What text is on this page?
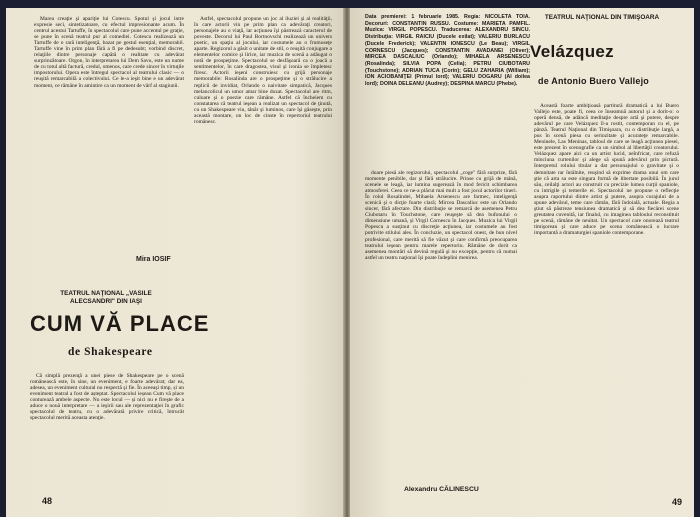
Marea creaţie şi apariţie lui Cotescu. Spotul şi jocul intre expresie seci, sintetizatoare, cu efectul impresionante acum. În centrul acestui Tartuffe, în spectacolul care pune accentul pe graţie, se pune în scenă teatrul pur al comediei. Cotescu realizează un Tartuffe de o rară inteligenţă, bazat pe gestul esenţial, memorabil. Tartuffe vine în prim plan fără a fi pe dedesubt; vorbind discret, relaţiile dintre personaje capătă o realitate cu adevărat surprinzătoare. Orgon, în interpretarea lui Dem Savu, este un nume de cu totul altă factură, credul, omenos, care crede sincer în virtuţile impostorului. Opera este întregul spectacol al teatrului clasic — o reuşită remarcabilă a colectivului. Ce le-a ieşit bine e un adevărat moment, ce rămâne în amintire ca un moment de vârf al stagiunii.

Mira IOSIF
TEATRUL NAŢIONAL „VASILE ALECSANDRI" DIN IAŞI
CUM VĂ PLACE
de Shakespeare

Că simplă prezenţă a unei piese de Shakespeare pe o scenă românească este, în sine, un eveniment, e foarte adevărat; dar ea, adesea, un eveniment cultural nu respectă şi fie. În aceeaşi timp, și un eveniment teatral a fost de așteptat. Spectacolul ieșean Cum vă place conturează ambele aspecte. Nu este locul — și nici nu e fireşte de a aduce o nouă interpretare — a ieşirii sau ale reprezentaţiei în grafic spectacolul de teatru, cu o adevărată privire critică, întrucât spectacolul merită aceasta atenţie.

Astfel, spectacolul propune un joc al iluziei şi al realităţii, în care actorii vin pe prim plan ca adevăraţi creatori, personajele au o viaţă, iar acţiunea îşi păstrează caracterul de poveste. Decorul lui Paul Bortnovschi realizează un univers poetic, un spaţiu al jocului, iar costumele au o frumuseţe aparte. Regizorul a găsit o unitate de stil, o reuşită conjugare a elementelor comice şi lirice, iar muzica de scenă a adăugat o notă de prospeţime. Spectacolul se desfăşoară ca o joacă a sentimentelor, în care dragostea, visul şi ironia se împletesc firesc. Actorii ieşeni construiesc cu grijă personaje memorabile: Rosalinda are o prospeţime şi o strălucire a replicii de invidiat, Orlando o naivitate simpatică, Jacques melancolicul un umor amar bine dozat. Spectacolul are ritm, culoare şi o poezie care rămâne. Astfel că încheiem cu constatarea că teatrul ieşean a realizat un spectacol de ţinută, cu un Shakespeare viu, tânăr şi luminos, care îşi găseşte, prin această montare, un loc de cinste în repertoriul teatrului românesc.

48
Data premierei: 1 februarie 1985. Regia: NICOLETA TOIA. Decoruri: CONSTANTIN RUSSU. Costume: MARIETA PAMFIL. Muzica: VIRGIL POPESCU. Traducerea: ALEXANDRU SINCU. Distribuţia: VIRGIL RAICIU (Ducele exilat); VALERIU BURLACU (Ducele Frederick); VALENTIN IONESCU (Le Beau); VIRGIL CORNESCU (Jacques); CONSTANTIN AVADANEI (Oliver); MIRCEA DASCALIUC (Orlando); MIHAELA ARSENESCU (Rosalinda); SILVIA POPA (Celia); PETRU CIUBOTARU (Touchstone); ADRIAN TUCA (Corin); GELU ZAHARIA (William); ION ACIOBANIŢEI (Primul lord); VALERIU DOGARU (Al doilea lord); DOINA DELEANU (Audrey); DESPINA MARCU (Phebe).

doare piesă ale regizorului, spectacolul „coge" fără surprize, fără momente penibile, dar şi fără strălucire. Prinse cu grijă de mână, scenele se leagă, iar lumina sugerează în mod fericit schimbarea atmosferei. Ceea ce ne-a plăcut mai mult a fost jocul actorilor tineri. În rolul Rosalindei, Mihaela Arsenescu are farmec, inteligenţă scenică şi o dicţie foarte clară; Mircea Dascaliuc este un Orlando sincer, fără afectare. Din distribuţie se remarcă de asemenea Petru Ciubotaru în Touchstone, care reuşeşte să dea bufonului o dimensiune umană, şi Virgil Cornescu în Jacques. Muzica lui Virgil Popescu a susţinut cu discreţie acţiunea, iar costumele au fost potrivite stilului ales. În concluzie, un spectacol onest, de bun nivel profesional, care merită să fie văzut şi care confirmă preocuparea teatrului ieşean pentru marele repertoriu. Rămâne de dorit ca asemenea montări să devină regulă şi nu excepţie, pentru că numai astfel un teatru naţional îşi poate îndeplini menirea.

Alexandru CĂLINESCU
TEATRUL NAŢIONAL DIN TIMIŞOARA
Velázquez
de Antonio Buero Vallejo

Această foarte ambiţioasă partitură dramatică a lui Buero Vallejo este, poate fi, ceea ce înseamnă autorul şi a dorit-o: o operă densă, de adâncă meditaţie despre artă şi putere, despre adevărul pe care Velázquez îl-a rostit, contemporan cu el, pe pânză. Teatrul Naţional din Timişoara, cu o distribuţie largă, a pus în scenă piesa cu seriozitate şi acurateţe remarcabile. Meninele, Las Meninas, tabloul de care se leagă acţiunea piesei, este prezent în scenografie ca un simbol al libertăţii creatorului. Velázquez apare aici ca un artist lucid, neînfricat, care refuză minciuna curtenilor şi alege să spună adevărul prin pictură. Interpretul rolului titular a dat personajului o gravitate şi o demnitate rar întâlnite, reuşind să exprime drama unui om care ştie că arta sa este singura formă de libertate posibilă. În jurul său, ceilalţi actori au construit cu precizie lumea curţii spaniole, cu intrigile şi temerile ei. Spectacolul ne propune o reflecţie asupra raportului dintre artist şi putere, asupra curajului de a spune adevărul, teme care rămân, fără îndoială, actuale. Regia a ştiut să păstreze tensiunea dramatică şi să dea fiecărei scene greutatea cuvenită, iar finalul, cu imaginea tabloului reconstituit pe scenă, rămâne de neuitat. Un spectacol care onorează teatrul timişorean şi care aduce pe scena românească o lucrare importantă a dramaturgiei spaniole contemporane.

49
